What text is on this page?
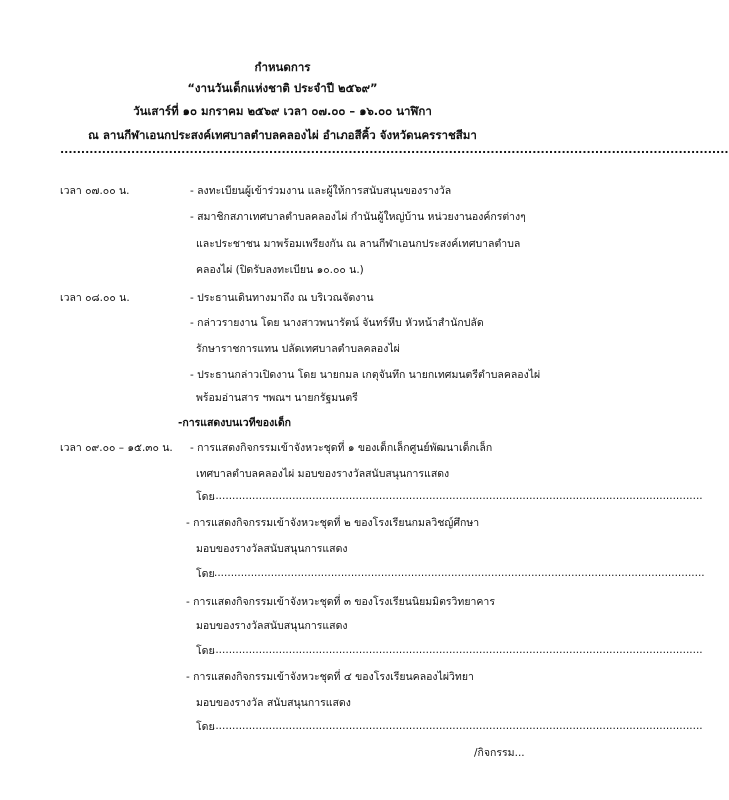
กำหนดการ
“งานวันเด็กแห่งชาติ ประจำปี ๒๕๖๙”
วันเสาร์ที่ ๑๐ มกราคม ๒๕๖๙ เวลา ๐๗.๐๐ – ๑๖.๐๐ นาฬิกา
ณ ลานกีฬาเอนกประสงค์เทศบาลตำบลคลองไผ่ อำเภอสีคิ้ว จังหวัดนครราชสีมา
................................................................................................................................................................
เวลา ๐๗.๐๐ น.	- ลงทะเบียนผู้เข้าร่วมงาน และผู้ให้การสนับสนุนของรางวัล
- สมาชิกสภาเทศบาลตำบลคลองไผ่ กำนันผู้ใหญ่บ้าน หน่วยงานองค์กรต่างๆ
และประชาชน มาพร้อมเพรียงกัน ณ ลานกีฬาเอนกประสงค์เทศบาลตำบล
คลองไผ่ (ปิดรับลงทะเบียน ๑๐.๐๐ น.)
เวลา ๐๘.๐๐ น.	- ประธานเดินทางมาถึง ณ บริเวณจัดงาน
- กล่าวรายงาน โดย นางสาวพนารัตน์ จันทร์หีบ หัวหน้าสำนักปลัด
รักษาราชการแทน ปลัดเทศบาลตำบลคลองไผ่
- ประธานกล่าวเปิดงาน โดย นายกมล เกตุจันทึก นายกเทศมนตรีตำบลคลองไผ่
พร้อมอ่านสาร ฯพณฯ นายกรัฐมนตรี
-การแสดงบนเวทีของเด็ก
เวลา ๐๙.๐๐ – ๑๕.๓๐ น. - การแสดงกิจกรรมเข้าจังหวะชุดที่ ๑ ของเด็กเล็กศูนย์พัฒนาเด็กเล็ก
เทศบาลตำบลคลองไผ่ มอบของรางวัลสนับสนุนการแสดง
โดย
...................................................................................................................................................
- การแสดงกิจกรรมเข้าจังหวะชุดที่ ๒ ของโรงเรียนกมลวิชญ์ศึกษา
มอบของรางวัลสนับสนุนการแสดง
โดย ...................................................................................................................................................
- การแสดงกิจกรรมเข้าจังหวะชุดที่ ๓ ของโรงเรียนนิยมมิตรวิทยาคาร
มอบของรางวัลสนับสนุนการแสดง
โดย
...................................................................................................................................................
- การแสดงกิจกรรมเข้าจังหวะชุดที่ ๔ ของโรงเรียนคลองไผ่วิทยา
มอบของรางวัล สนับสนุนการแสดง
โดย
...................................................................................................................................................
/กิจกรรม...
